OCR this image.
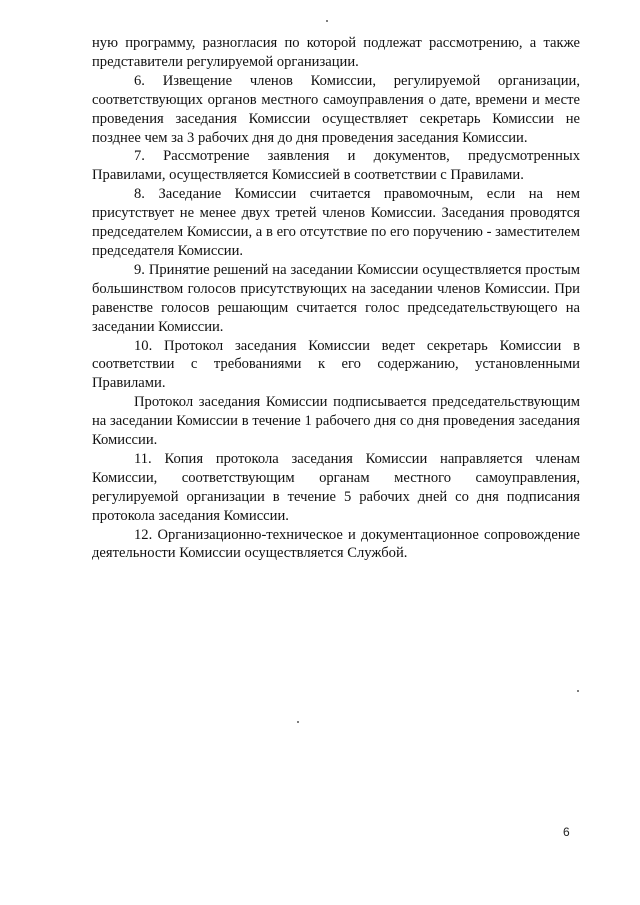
ную программу, разногласия по которой подлежат рассмотрению, а также представители регулируемой организации.

6. Извещение членов Комиссии, регулируемой организации, соответствующих органов местного самоуправления о дате, времени и месте проведения заседания Комиссии осуществляет секретарь Комиссии не позднее чем за 3 рабочих дня до дня проведения заседания Комиссии.

7. Рассмотрение заявления и документов, предусмотренных Правилами, осуществляется Комиссией в соответствии с Правилами.

8. Заседание Комиссии считается правомочным, если на нем присутствует не менее двух третей членов Комиссии. Заседания проводятся председателем Комиссии, а в его отсутствие по его поручению - заместителем председателя Комиссии.

9. Принятие решений на заседании Комиссии осуществляется простым большинством голосов присутствующих на заседании членов Комиссии. При равенстве голосов решающим считается голос председательствующего на заседании Комиссии.

10. Протокол заседания Комиссии ведет секретарь Комиссии в соответствии с требованиями к его содержанию, установленными Правилами.

Протокол заседания Комиссии подписывается председательствующим на заседании Комиссии в течение 1 рабочего дня со дня проведения заседания Комиссии.

11. Копия протокола заседания Комиссии направляется членам Комиссии, соответствующим органам местного самоуправления, регулируемой организации в течение 5 рабочих дней со дня подписания протокола заседания Комиссии.

12. Организационно-техническое и документационное сопровождение деятельности Комиссии осуществляется Службой.

6
